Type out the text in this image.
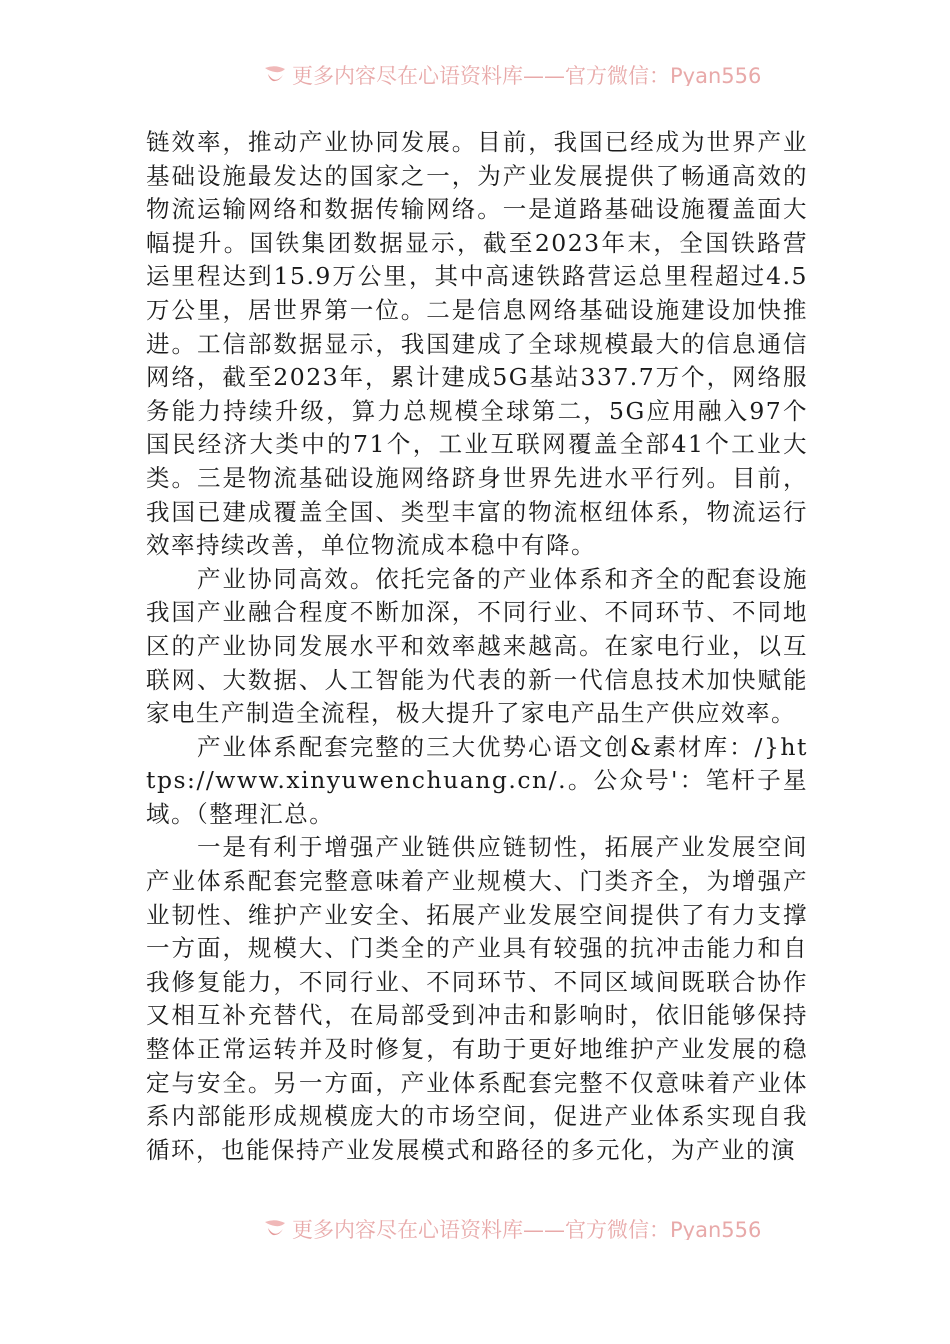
更多内容尽在心语资料库——官方微信：Pyan556

链效率，推动产业协同发展。目前，我国已经成为世界产业基础设施最发达的国家之一，为产业发展提供了畅通高效的物流运输网络和数据传输网络。一是道路基础设施覆盖面大幅提升。国铁集团数据显示，截至2023年末，全国铁路营运里程达到15.9万公里，其中高速铁路营运总里程超过4.5万公里，居世界第一位。二是信息网络基础设施建设加快推进。工信部数据显示，我国建成了全球规模最大的信息通信网络，截至2023年，累计建成5G基站337.7万个，网络服务能力持续升级，算力总规模全球第二，5G应用融入97个国民经济大类中的71个，工业互联网覆盖全部41个工业大类。三是物流基础设施网络跻身世界先进水平行列。目前，我国已建成覆盖全国、类型丰富的物流枢纽体系，物流运行效率持续改善，单位物流成本稳中有降。

产业协同高效。依托完备的产业体系和齐全的配套设施我国产业融合程度不断加深，不同行业、不同环节、不同地区的产业协同发展水平和效率越来越高。在家电行业，以互联网、大数据、人工智能为代表的新一代信息技术加快赋能家电生产制造全流程，极大提升了家电产品生产供应效率。

产业体系配套完整的三大优势心语文创&素材库：/}https://www.xinyuwenchuang.cn/.。公众号'：笔杆子星域。（整理汇总。

一是有利于增强产业链供应链韧性，拓展产业发展空间产业体系配套完整意味着产业规模大、门类齐全，为增强产业韧性、维护产业安全、拓展产业发展空间提供了有力支撑一方面，规模大、门类全的产业具有较强的抗冲击能力和自我修复能力，不同行业、不同环节、不同区域间既联合协作又相互补充替代，在局部受到冲击和影响时，依旧能够保持整体正常运转并及时修复，有助于更好地维护产业发展的稳定与安全。另一方面，产业体系配套完整不仅意味着产业体系内部能形成规模庞大的市场空间，促进产业体系实现自我循环，也能保持产业发展模式和路径的多元化，为产业的演

更多内容尽在心语资料库——官方微信：Pyan556
